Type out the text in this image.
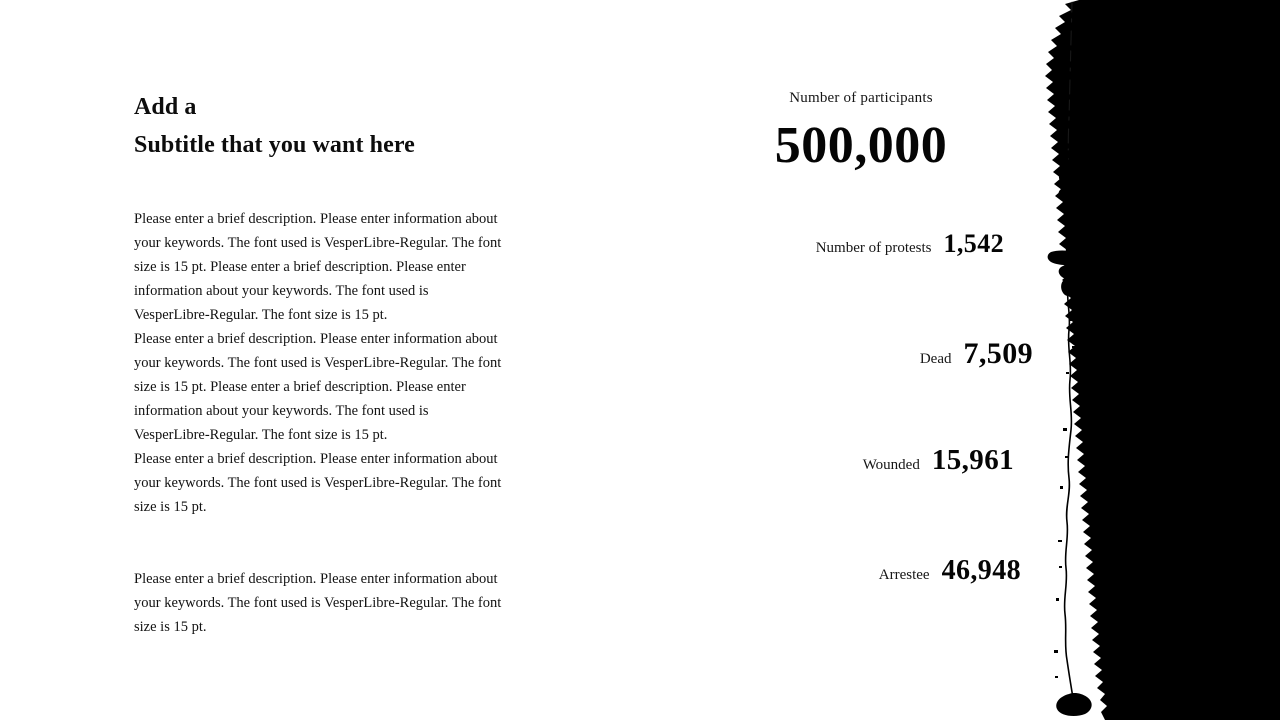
Add a
Subtitle that you want here

Please enter a brief description. Please enter information about your keywords. The font used is VesperLibre-Regular. The font size is 15 pt. Please enter a brief description. Please enter information about your keywords. The font used is VesperLibre-Regular. The font size is 15 pt.

Please enter a brief description. Please enter information about your keywords. The font used is VesperLibre-Regular. The font size is 15 pt. Please enter a brief description. Please enter information about your keywords. The font used is VesperLibre-Regular. The font size is 15 pt.

Please enter a brief description. Please enter information about your keywords. The font used is VesperLibre-Regular. The font size is 15 pt.

Please enter a brief description. Please enter information about your keywords. The font used is VesperLibre-Regular. The font size is 15 pt.

Number of participants
500,000
Number of protests 1,542
Dead 7,509
Wounded 15,961
Arrestee 46,948
